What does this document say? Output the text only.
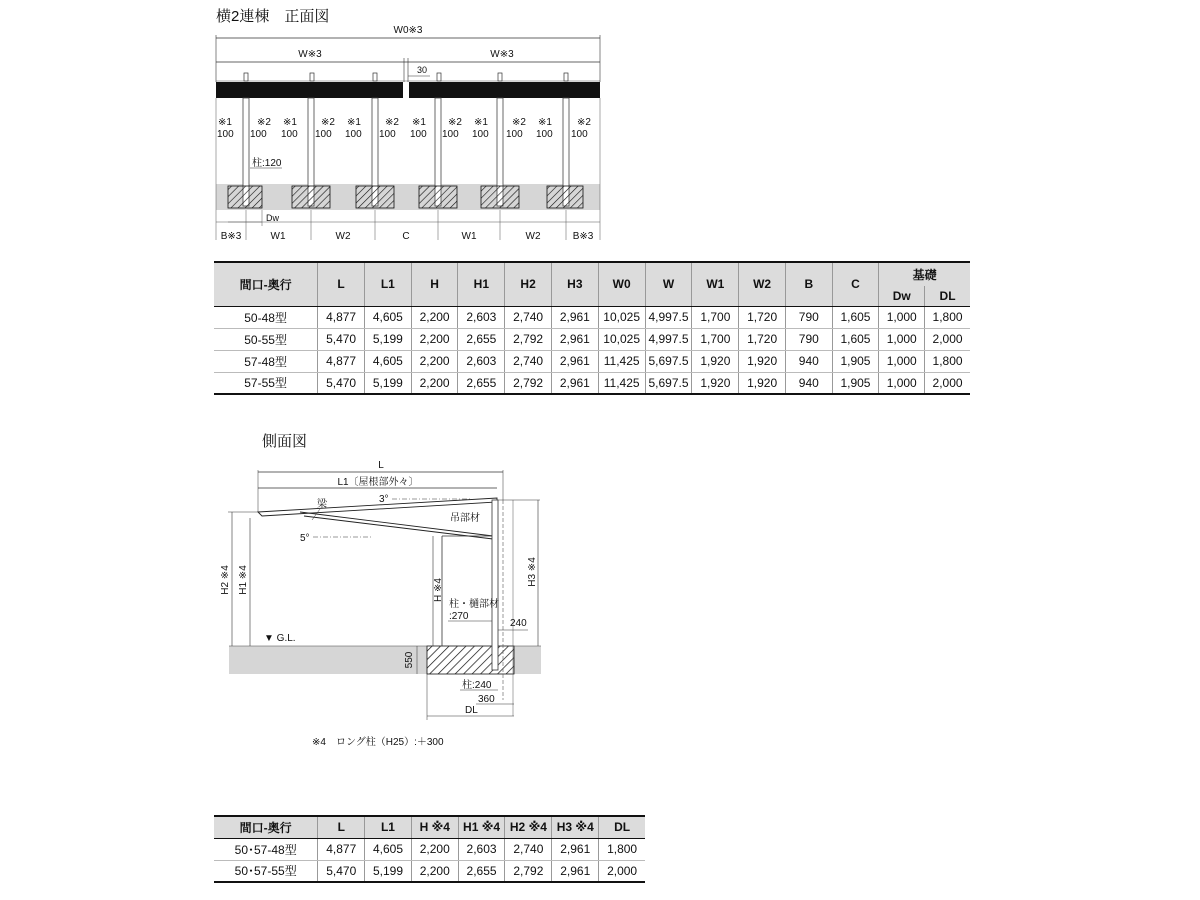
横2連棟　正面図
W0※3
W※3	W※3
30
Dw
B※3	W1	W2	C	W1	W2	B※3
※1
100
※2
100
※1
100
※2
100
※1
100
※2
100
※1
100
※2
100
※1
100
※2
100
※1
100
※2
100
柱:120
間口-奥行	L	L1	H	H1	H2	H3	W0	W	W1	W2	B	C	基礎	
													Dw	DL
50-48型	4,877	4,605	2,200	2,603	2,740	2,961	10,025	4,997.5	1,700	1,720	790	1,605	1,000	1,800
50-55型	5,470	5,199	2,200	2,655	2,792	2,961	10,025	4,997.5	1,700	1,720	790	1,605	1,000	2,000
57-48型	4,877	4,605	2,200	2,603	2,740	2,961	11,425	5,697.5	1,920	1,920	940	1,905	1,000	1,800
57-55型	5,470	5,199	2,200	2,655	2,792	2,961	11,425	5,697.5	1,920	1,920	940	1,905	1,000	2,000
側面図
L
L1〔屋根部外々〕
梁	3°
吊部材
5°
H2 ※4 H1 ※4	H ※4
H3 ※4
柱・樋部材
:270
240
▼ G.L.
550
柱:240
360
DL
※4　ロング柱（H25）:＋300
間口-奥行	L	L1	H ※4	H1 ※4	H2 ※4	H3 ※4	DL
50･57-48型	4,877	4,605	2,200	2,603	2,740	2,961	1,800
50･57-55型	5,470	5,199	2,200	2,655	2,792	2,961	2,000
